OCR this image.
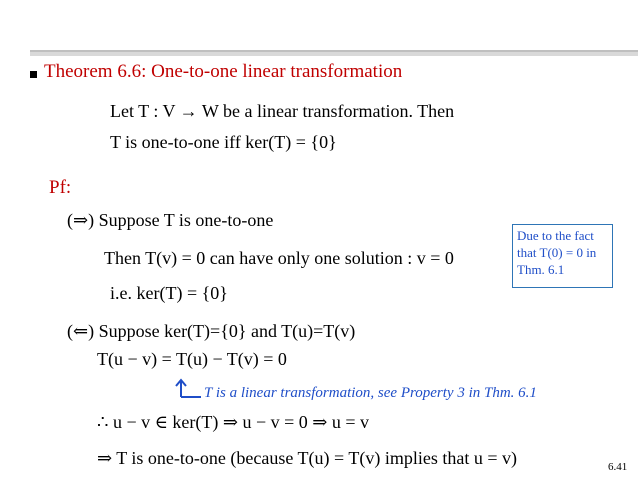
Theorem 6.6: One-to-one linear transformation
Let T : V → W be a linear transformation. Then
T is one-to-one iff ker(T) = {0}
Pf:
(⇒) Suppose T is one-to-one
Then T(v) = 0 can have only one solution : v = 0
i.e. ker(T) = {0}
Due to the fact that T(0) = 0 in Thm. 6.1
(⇐) Suppose ker(T)={0} and T(u)=T(v)
T(u − v) = T(u) − T(v) = 0
T is a linear transformation, see Property 3 in Thm. 6.1
∴ u − v ∈ ker(T) ⇒ u − v = 0 ⇒ u = v
⇒ T is one-to-one (because T(u) = T(v) implies that u = v)	6.41
